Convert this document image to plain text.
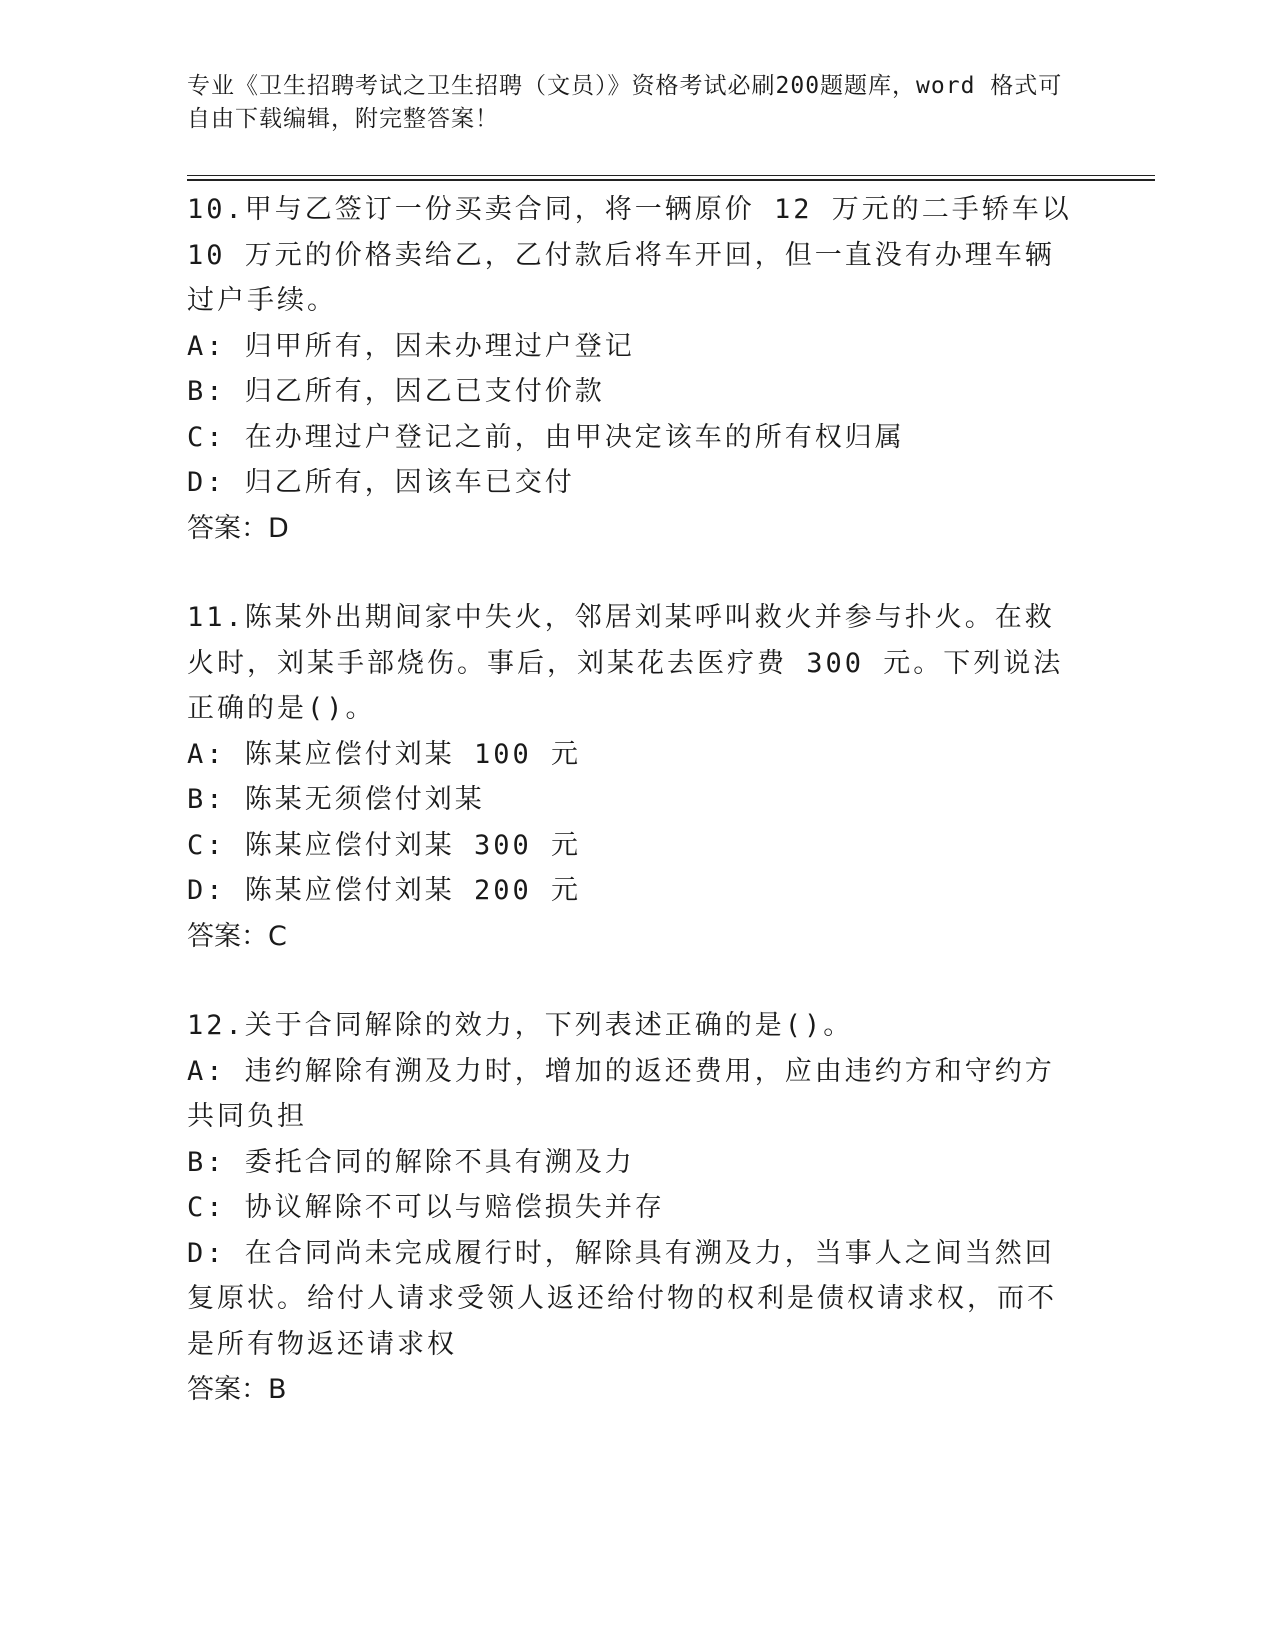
专业《卫生招聘考试之卫生招聘（文员）》资格考试必刷200题题库，word 格式可自由下载编辑，附完整答案！

10.甲与乙签订一份买卖合同，将一辆原价 12 万元的二手轿车以 10 万元的价格卖给乙，乙付款后将车开回，但一直没有办理车辆过户手续。

A: 归甲所有，因未办理过户登记

B: 归乙所有，因乙已支付价款

C: 在办理过户登记之前，由甲决定该车的所有权归属

D: 归乙所有，因该车已交付

答案：D

11.陈某外出期间家中失火，邻居刘某呼叫救火并参与扑火。在救火时，刘某手部烧伤。事后，刘某花去医疗费 300 元。下列说法正确的是()。

A: 陈某应偿付刘某 100 元

B: 陈某无须偿付刘某

C: 陈某应偿付刘某 300 元

D: 陈某应偿付刘某 200 元

答案：C

12.关于合同解除的效力，下列表述正确的是()。

A: 违约解除有溯及力时，增加的返还费用，应由违约方和守约方共同负担

B: 委托合同的解除不具有溯及力

C: 协议解除不可以与赔偿损失并存

D: 在合同尚未完成履行时，解除具有溯及力，当事人之间当然回复原状。给付人请求受领人返还给付物的权利是债权请求权，而不是所有物返还请求权

答案：B
